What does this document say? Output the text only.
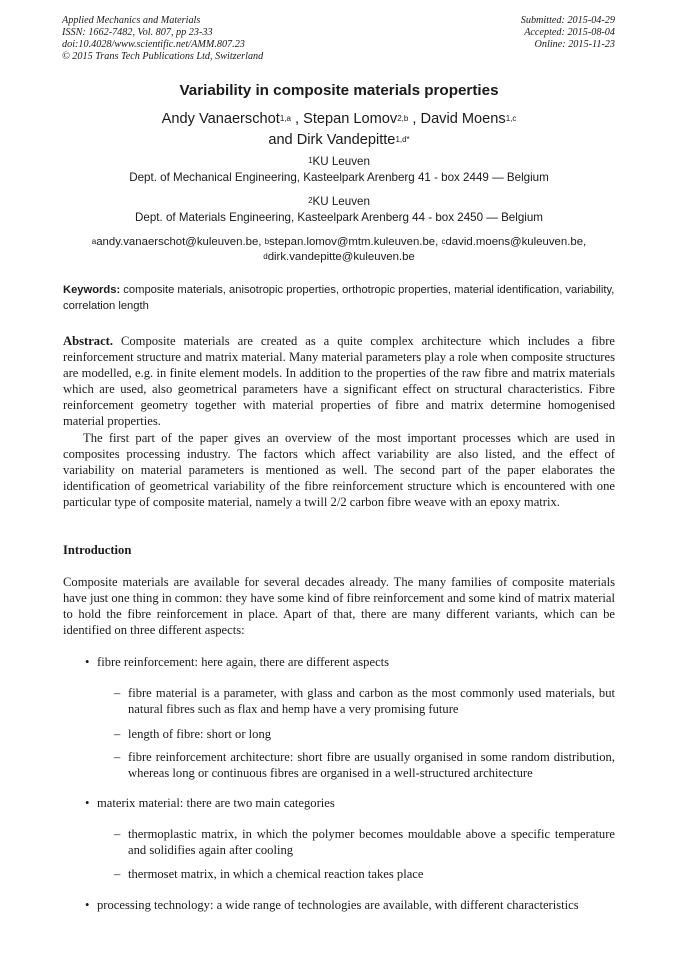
Applied Mechanics and Materials
ISSN: 1662-7482, Vol. 807, pp 23-33
doi:10.4028/www.scientific.net/AMM.807.23
© 2015 Trans Tech Publications Ltd, Switzerland
Submitted: 2015-04-29
Accepted: 2015-08-04
Online: 2015-11-23
Variability in composite materials properties
Andy Vanaerschot$^{1,a}$ , Stepan Lomov$^{2,b}$ , David Moens$^{1,c}$
and Dirk Vandepitte$^{1,d*}$
$^1$KU Leuven
Dept. of Mechanical Engineering, Kasteelpark Arenberg 41 - box 2449 — Belgium
$^2$KU Leuven
Dept. of Materials Engineering, Kasteelpark Arenberg 44 - box 2450 — Belgium
$^a$andy.vanaerschot@kuleuven.be, $^b$stepan.lomov@mtm.kuleuven.be, $^c$david.moens@kuleuven.be,
$^d$dirk.vandepitte@kuleuven.be
Keywords: composite materials, anisotropic properties, orthotropic properties, material identification, variability, correlation length

Abstract. Composite materials are created as a quite complex architecture which includes a fibre reinforcement structure and matrix material. Many material parameters play a role when composite structures are modelled, e.g. in finite element models. In addition to the properties of the raw fibre and matrix materials which are used, also geometrical parameters have a significant effect on structural characteristics. Fibre reinforcement geometry together with material properties of fibre and matrix determine homogenised material properties.

The first part of the paper gives an overview of the most important processes which are used in composites processing industry. The factors which affect variability are also listed, and the effect of variability on material parameters is mentioned as well. The second part of the paper elaborates the identification of geometrical variability of the fibre reinforcement structure which is encountered with one particular type of composite material, namely a twill 2/2 carbon fibre weave with an epoxy matrix.

Introduction

Composite materials are available for several decades already. The many families of composite materials have just one thing in common: they have some kind of fibre reinforcement and some kind of matrix material to hold the fibre reinforcement in place. Apart of that, there are many different variants, which can be identified on three different aspects:

• fibre reinforcement: here again, there are different aspects
– fibre material is a parameter, with glass and carbon as the most commonly used materials, but natural fibres such as flax and hemp have a very promising future
– length of fibre: short or long
– fibre reinforcement architecture: short fibre are usually organised in some random distribution, whereas long or continuous fibres are organised in a well-structured architecture
• materix material: there are two main categories
– thermoplastic matrix, in which the polymer becomes mouldable above a specific temperature and solidifies again after cooling
– thermoset matrix, in which a chemical reaction takes place
• processing technology: a wide range of technologies are available, with different characteristics
